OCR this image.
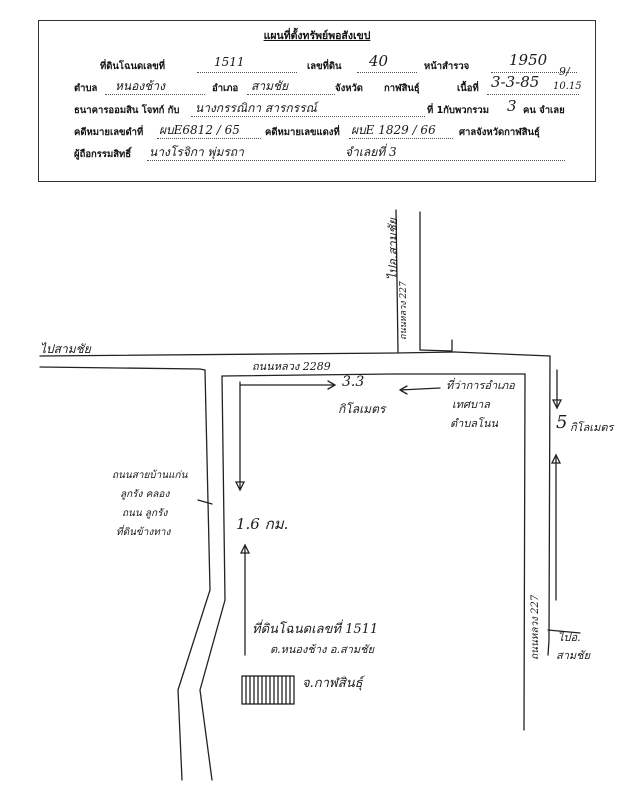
แผนที่ตั้งทรัพย์พอสังเขป
ที่ดินโฉนดเลขที่	1511	เลขที่ดิน 40	หน้าสำรวจ	1950
ตำบล หนองช้าง	อำเภอ สามชัย	จังหวัด กาฬสินธุ์	เนื้อที่ 3-3-85
9/
10.15
ธนาคารออมสิน โจทก์ กับ นางกรรณิกา สารกรรณ์	ที่ 1กับพวกรวม 3 คน จำเลย
คดีหมายเลขดำที่ ผบE6812 / 65	คดีหมายเลขแดงที่ ผบE 1829 / 66 ศาลจังหวัดกาฬสินธุ์
ผู้ถือกรรมสิทธิ์ นางโรจิกา พุ่มรถา	จำเลยที่ 3
ไปอ.สามชัย
ถนนหลวง 227
ไปสามชัย
ถนนหลวง 2289
3.3
กิโลเมตร
ที่ว่าการอำเภอ
เทศบาล
ตำบลโนน	5 กิโลเมตร
ถนนสายบ้านแก่น
ลูกรัง คลอง
ถนน ลูกรัง
ที่ดินข้างทาง	1.6 กม.
ถนนหลวง 227 ไปอ.
สามชัย
ที่ดินโฉนดเลขที่ 1511
ต.หนองช้าง อ.สามชัย
จ.กาฬสินธุ์
